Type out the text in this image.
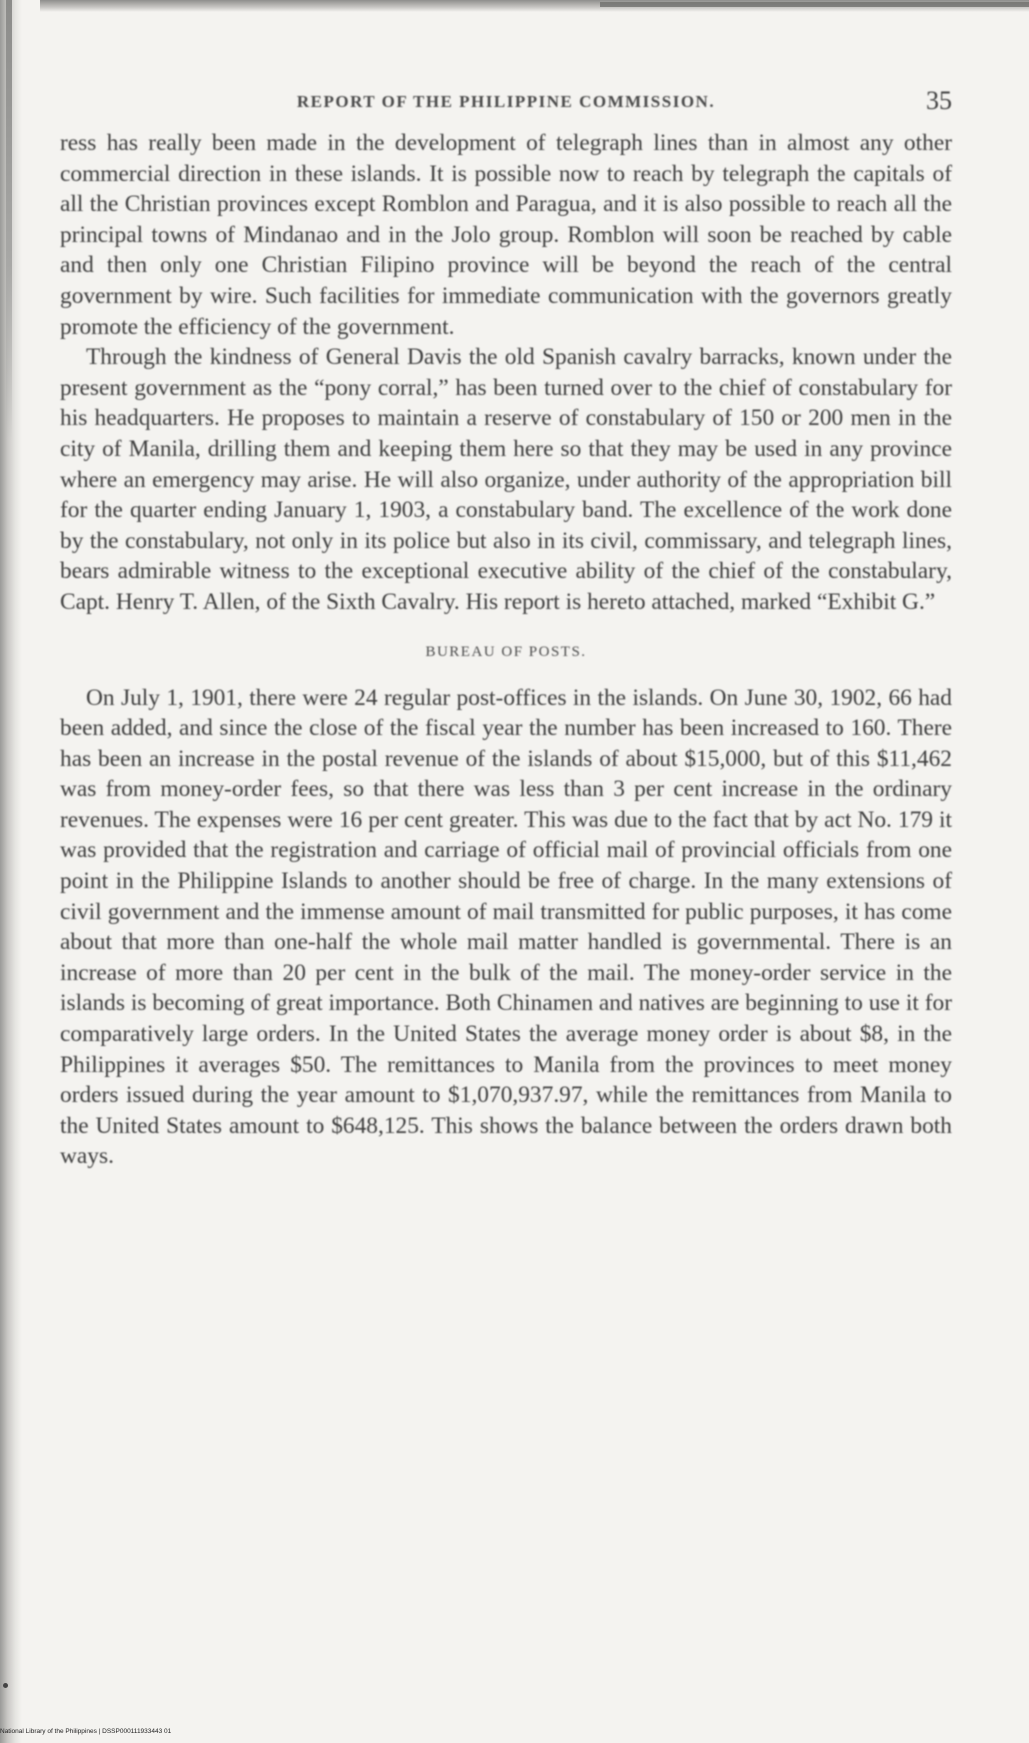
REPORT OF THE PHILIPPINE COMMISSION.	35

ress has really been made in the development of telegraph lines than in almost any other commercial direction in these islands. It is possible now to reach by telegraph the capitals of all the Christian provinces except Romblon and Paragua, and it is also possible to reach all the principal towns of Mindanao and in the Jolo group. Romblon will soon be reached by cable and then only one Christian Filipino province will be beyond the reach of the central government by wire. Such facilities for immediate communication with the governors greatly promote the efficiency of the government.

Through the kindness of General Davis the old Spanish cavalry barracks, known under the present government as the “pony corral,” has been turned over to the chief of constabulary for his headquarters. He proposes to maintain a reserve of constabulary of 150 or 200 men in the city of Manila, drilling them and keeping them here so that they may be used in any province where an emergency may arise. He will also organize, under authority of the appropriation bill for the quarter ending January 1, 1903, a constabulary band. The excellence of the work done by the constabulary, not only in its police but also in its civil, commissary, and telegraph lines, bears admirable witness to the exceptional executive ability of the chief of the constabulary, Capt. Henry T. Allen, of the Sixth Cavalry. His report is hereto attached, marked “Exhibit G.”

BUREAU OF POSTS.

On July 1, 1901, there were 24 regular post-offices in the islands. On June 30, 1902, 66 had been added, and since the close of the fiscal year the number has been increased to 160. There has been an increase in the postal revenue of the islands of about $15,000, but of this $11,462 was from money-order fees, so that there was less than 3 per cent increase in the ordinary revenues. The expenses were 16 per cent greater. This was due to the fact that by act No. 179 it was provided that the registration and carriage of official mail of provincial officials from one point in the Philippine Islands to another should be free of charge. In the many extensions of civil government and the immense amount of mail transmitted for public purposes, it has come about that more than one-half the whole mail matter handled is governmental. There is an increase of more than 20 per cent in the bulk of the mail. The money-order service in the islands is becoming of great importance. Both Chinamen and natives are beginning to use it for comparatively large orders. In the United States the average money order is about $8, in the Philippines it averages $50. The remittances to Manila from the provinces to meet money orders issued during the year amount to $1,070,937.97, while the remittances from Manila to the United States amount to $648,125. This shows the balance between the orders drawn both ways.

National Library of the Philippines | DSSP000111933443 01
